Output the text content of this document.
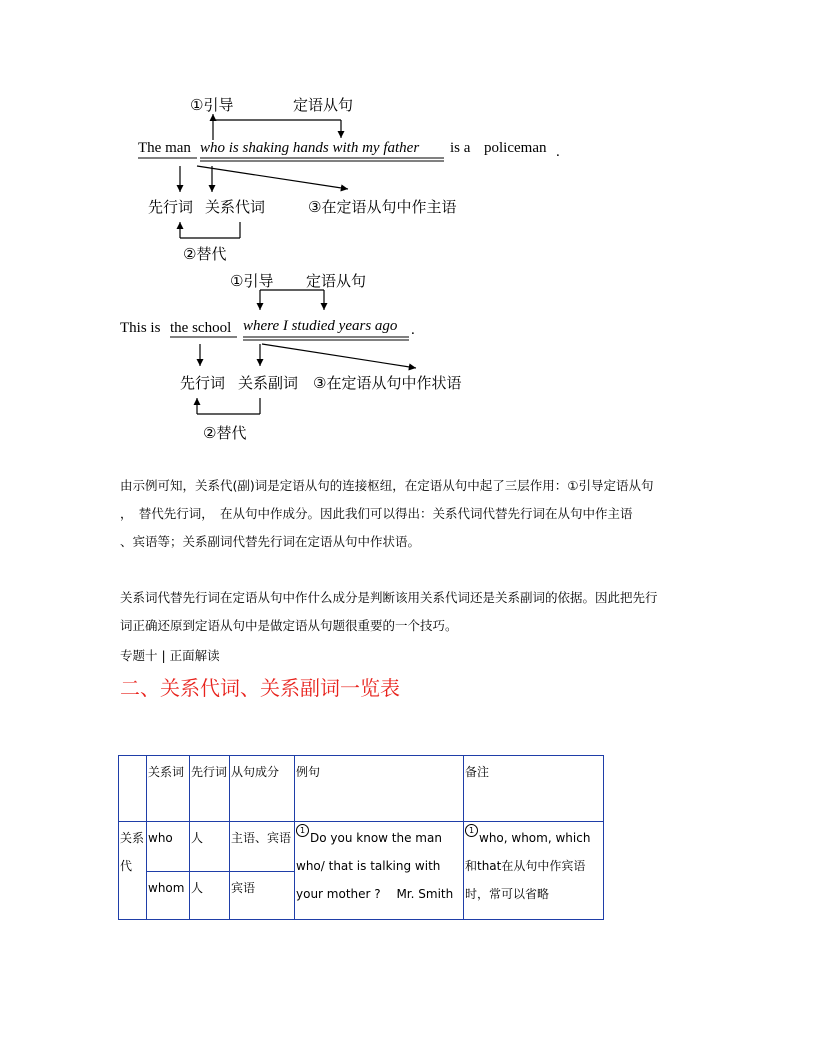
①引导	定语从句
The man who is shaking hands with my father is a policeman .
先行词 关系代词	③在定语从句中作主语
②替代
①引导 定语从句
This is the school where I studied years ago .
先行词 关系副词 ③在定语从句中作状语
②替代
由示例可知，关系代(副)词是定语从句的连接枢纽，在定语从句中起了三层作用：①引导定语从句
，　替代先行词，　在从句中作成分。因此我们可以得出：关系代词代替先行词在从句中作主语
、宾语等；关系副词代替先行词在定语从句中作状语。
关系词代替先行词在定语从句中作什么成分是判断该用关系代词还是关系副词的依据。因此把先行
词正确还原到定语从句中是做定语从句题很重要的一个技巧。
专题十 | 正面解读
二、关系代词、关系副词一览表
	关系词	先行词	从句成分	例句	备注
关系代	who	人	主语、宾语	1Do you know the man who/ that is talking with your mother ?　 Mr. Smith	1who, whom, which和that在从句中作宾语时，常可以省略
	whom	人	宾语		
